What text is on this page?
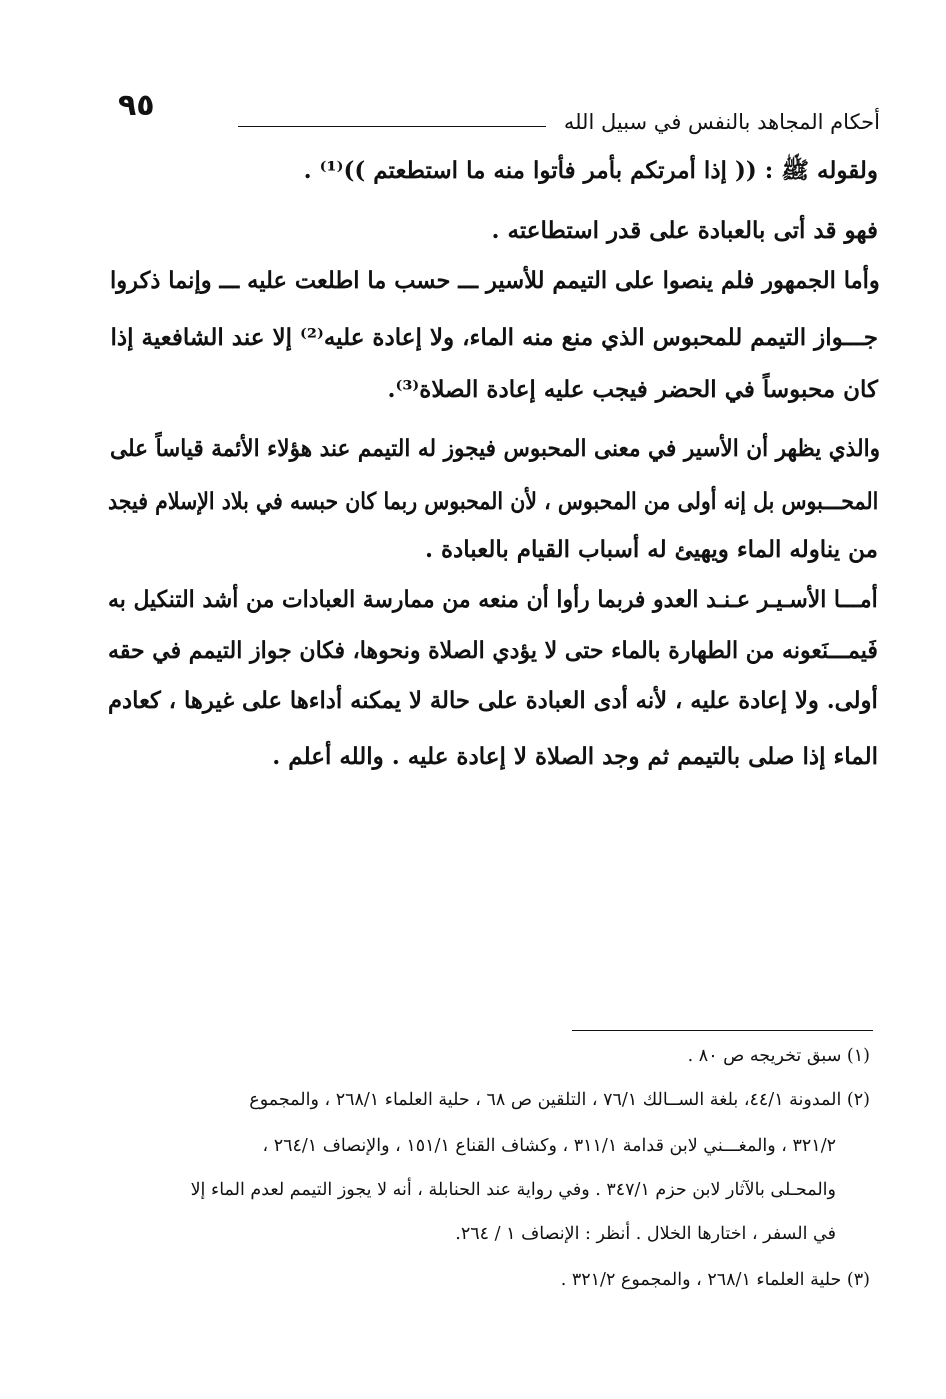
٩٥	أحكام المجاهد بالنفس في سبيل الله
ولقوله ﷺ : (( إذا أمرتكم بأمر فأتوا منه ما استطعتم ))⁽¹⁾ .
فهو قد أتى بالعبادة على قدر استطاعته .
وأما الجمهور فلم ينصوا على التيمم للأسير ـــ حسب ما اطلعت عليه ـــ وإنما ذكروا
جـــواز التيمم للمحبوس الذي منع منه الماء، ولا إعادة عليه⁽²⁾ إلا عند الشافعية إذا
كان محبوساً في الحضر فيجب عليه إعادة الصلاة⁽³⁾.
والذي يظهر أن الأسير في معنى المحبوس فيجوز له التيمم عند هؤلاء الأئمة قياساً على
المحـــبوس بل إنه أولى من المحبوس ، لأن المحبوس ربما كان حبسه في بلاد الإسلام فيجد
من يناوله الماء ويهيئ له أسباب القيام بالعبادة .
أمـــا الأسـيـر عـنـد العدو فربما رأوا أن منعه من ممارسة العبادات من أشد التنكيل به
فَيمـــنَعونه من الطهارة بالماء حتى لا يؤدي الصلاة ونحوها، فكان جواز التيمم في حقه
أولى. ولا إعادة عليه ، لأنه أدى العبادة على حالة لا يمكنه أداءها على غيرها ، كعادم
الماء إذا صلى بالتيمم ثم وجد الصلاة لا إعادة عليه . والله أعلم .
(١) سبق تخريجه ص ٨٠ .
(٢) المدونة ٤٤/١، بلغة الســالك ٧٦/١ ، التلقين ص ٦٨ ، حلية العلماء ٢٦٨/١ ، والمجموع
٣٢١/٢ ، والمغـــني لابن قدامة ٣١١/١ ، وكشاف القناع ١٥١/١ ، والإنصاف ٢٦٤/١ ،
والمحـلى بالآثار لابن حزم ٣٤٧/١ . وفي رواية عند الحنابلة ، أنه لا يجوز التيمم لعدم الماء إلا
في السفر ، اختارها الخلال . أنظر : الإنصاف ١ / ٢٦٤.
(٣) حلية العلماء ٢٦٨/١ ، والمجموع ٣٢١/٢ .
